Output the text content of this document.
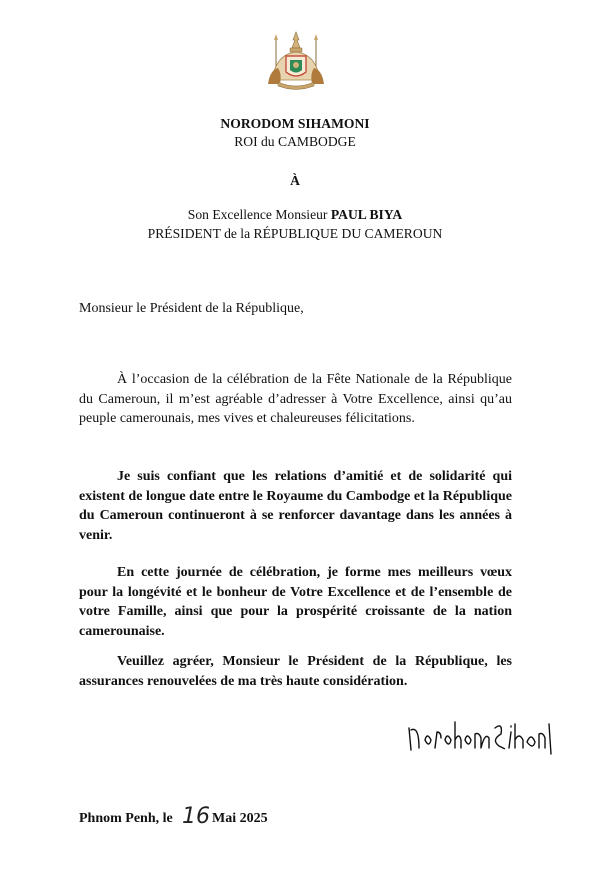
NORODOM SIHAMONI
ROI du CAMBODGE
À
Son Excellence Monsieur PAUL BIYA
PRÉSIDENT de la RÉPUBLIQUE DU CAMEROUN
Monsieur le Président de la République,
À l’occasion de la célébration de la Fête Nationale de la République du Cameroun, il m’est agréable d’adresser à Votre Excellence, ainsi qu’au peuple camerounais, mes vives et chaleureuses félicitations.
Je suis confiant que les relations d’amitié et de solidarité qui existent de longue date entre le Royaume du Cambodge et la République du Cameroun continueront à se renforcer davantage dans les années à venir.
En cette journée de célébration, je forme mes meilleurs vœux pour la longévité et le bonheur de Votre Excellence et de l’ensemble de votre Famille, ainsi que pour la prospérité croissante de la nation camerounaise.
Veuillez agréer, Monsieur le Président de la République, les assurances renouvelées de ma très haute considération.
Phnom Penh, le 16 Mai 2025
